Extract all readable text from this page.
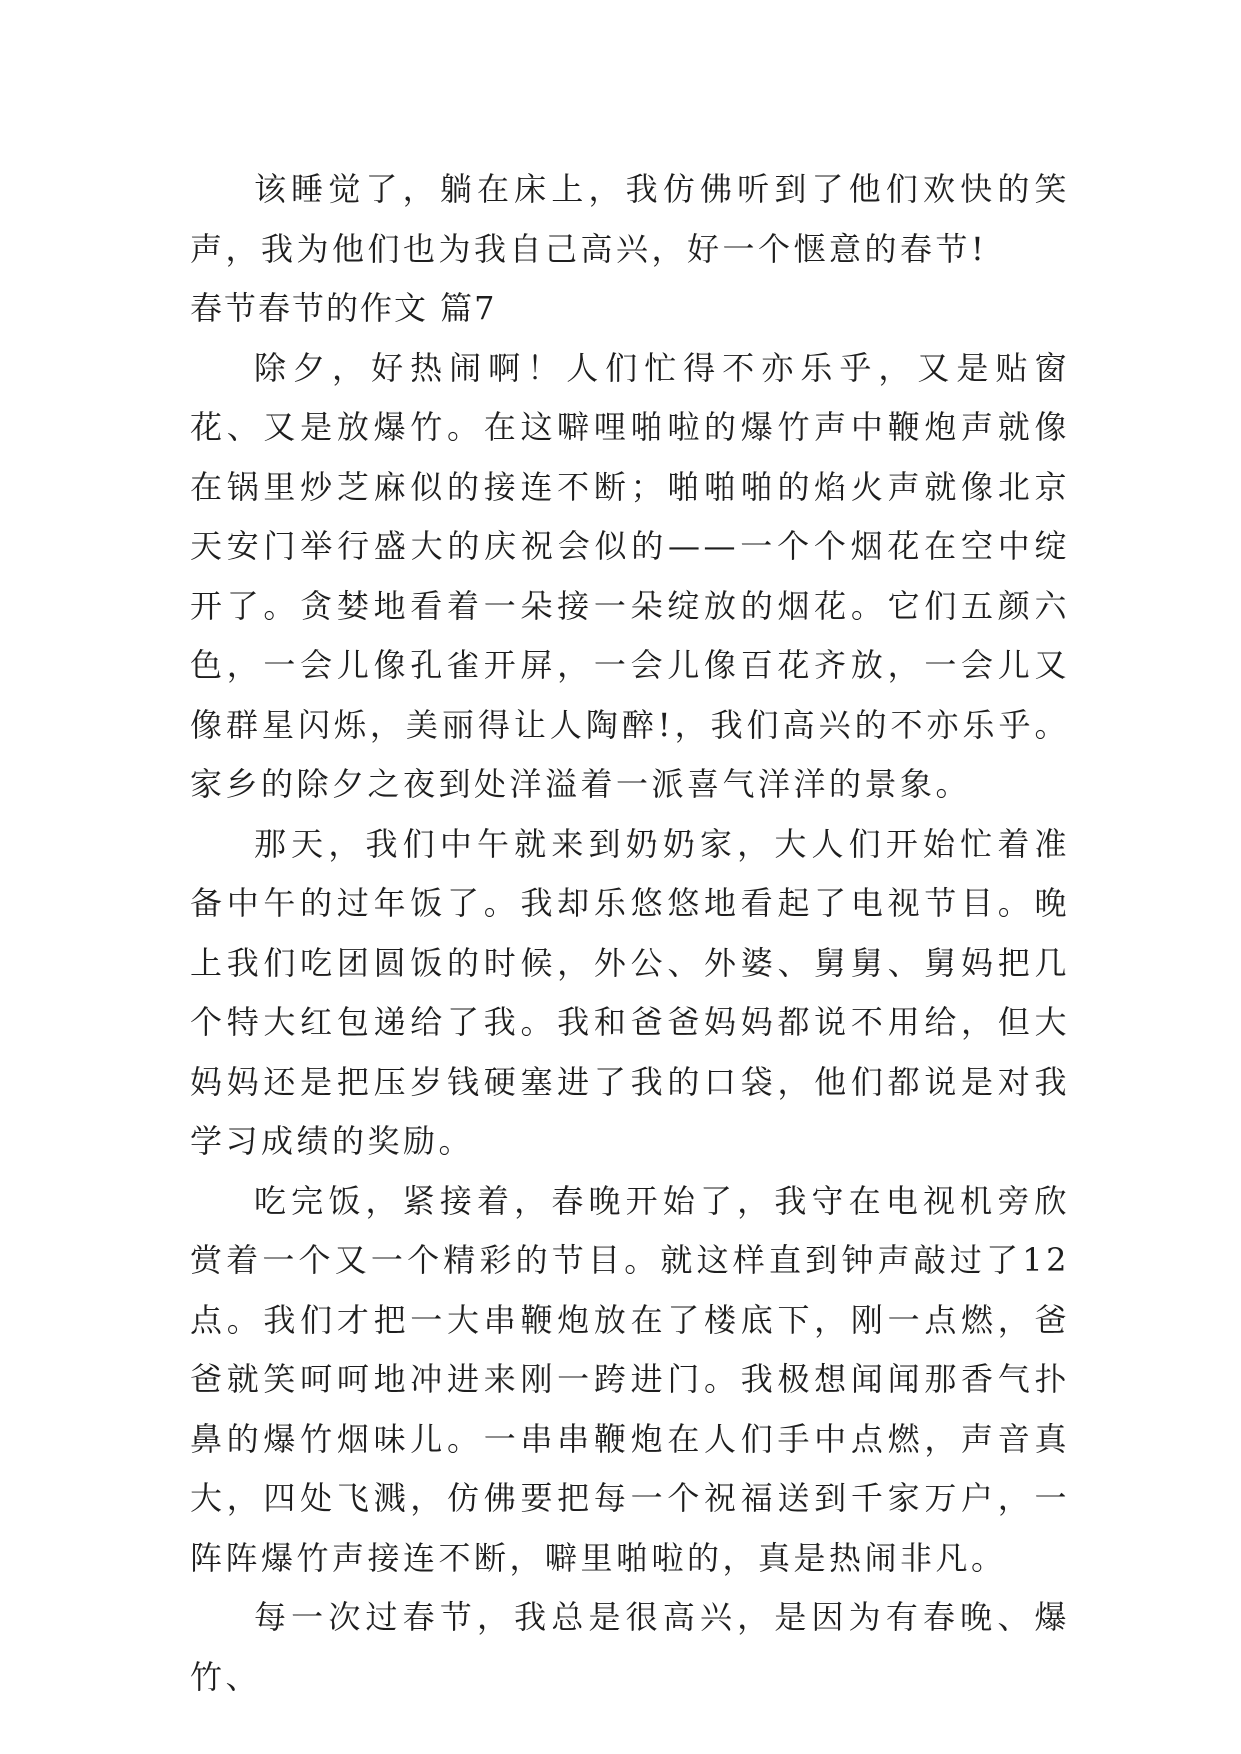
该睡觉了，躺在床上，我仿佛听到了他们欢快的笑声，我为他们也为我自己高兴，好一个惬意的春节!

春节春节的作文 篇7

除夕，好热闹啊！人们忙得不亦乐乎，又是贴窗花、又是放爆竹。在这噼哩啪啦的爆竹声中鞭炮声就像在锅里炒芝麻似的接连不断；啪啪啪的焰火声就像北京天安门举行盛大的庆祝会似的——一个个烟花在空中绽开了。贪婪地看着一朵接一朵绽放的烟花。它们五颜六色，一会儿像孔雀开屏，一会儿像百花齐放，一会儿又像群星闪烁，美丽得让人陶醉!，我们高兴的不亦乐乎。家乡的除夕之夜到处洋溢着一派喜气洋洋的景象。

那天，我们中午就来到奶奶家，大人们开始忙着准备中午的过年饭了。我却乐悠悠地看起了电视节目。晚上我们吃团圆饭的时候，外公、外婆、舅舅、舅妈把几个特大红包递给了我。我和爸爸妈妈都说不用给，但大妈妈还是把压岁钱硬塞进了我的口袋，他们都说是对我学习成绩的奖励。

吃完饭，紧接着，春晚开始了，我守在电视机旁欣赏着一个又一个精彩的节目。就这样直到钟声敲过了12点。我们才把一大串鞭炮放在了楼底下，刚一点燃，爸爸就笑呵呵地冲进来刚一跨进门。我极想闻闻那香气扑鼻的爆竹烟味儿。一串串鞭炮在人们手中点燃，声音真大，四处飞溅，仿佛要把每一个祝福送到千家万户，一阵阵爆竹声接连不断，噼里啪啦的，真是热闹非凡。

每一次过春节，我总是很高兴，是因为有春晚、爆竹、
